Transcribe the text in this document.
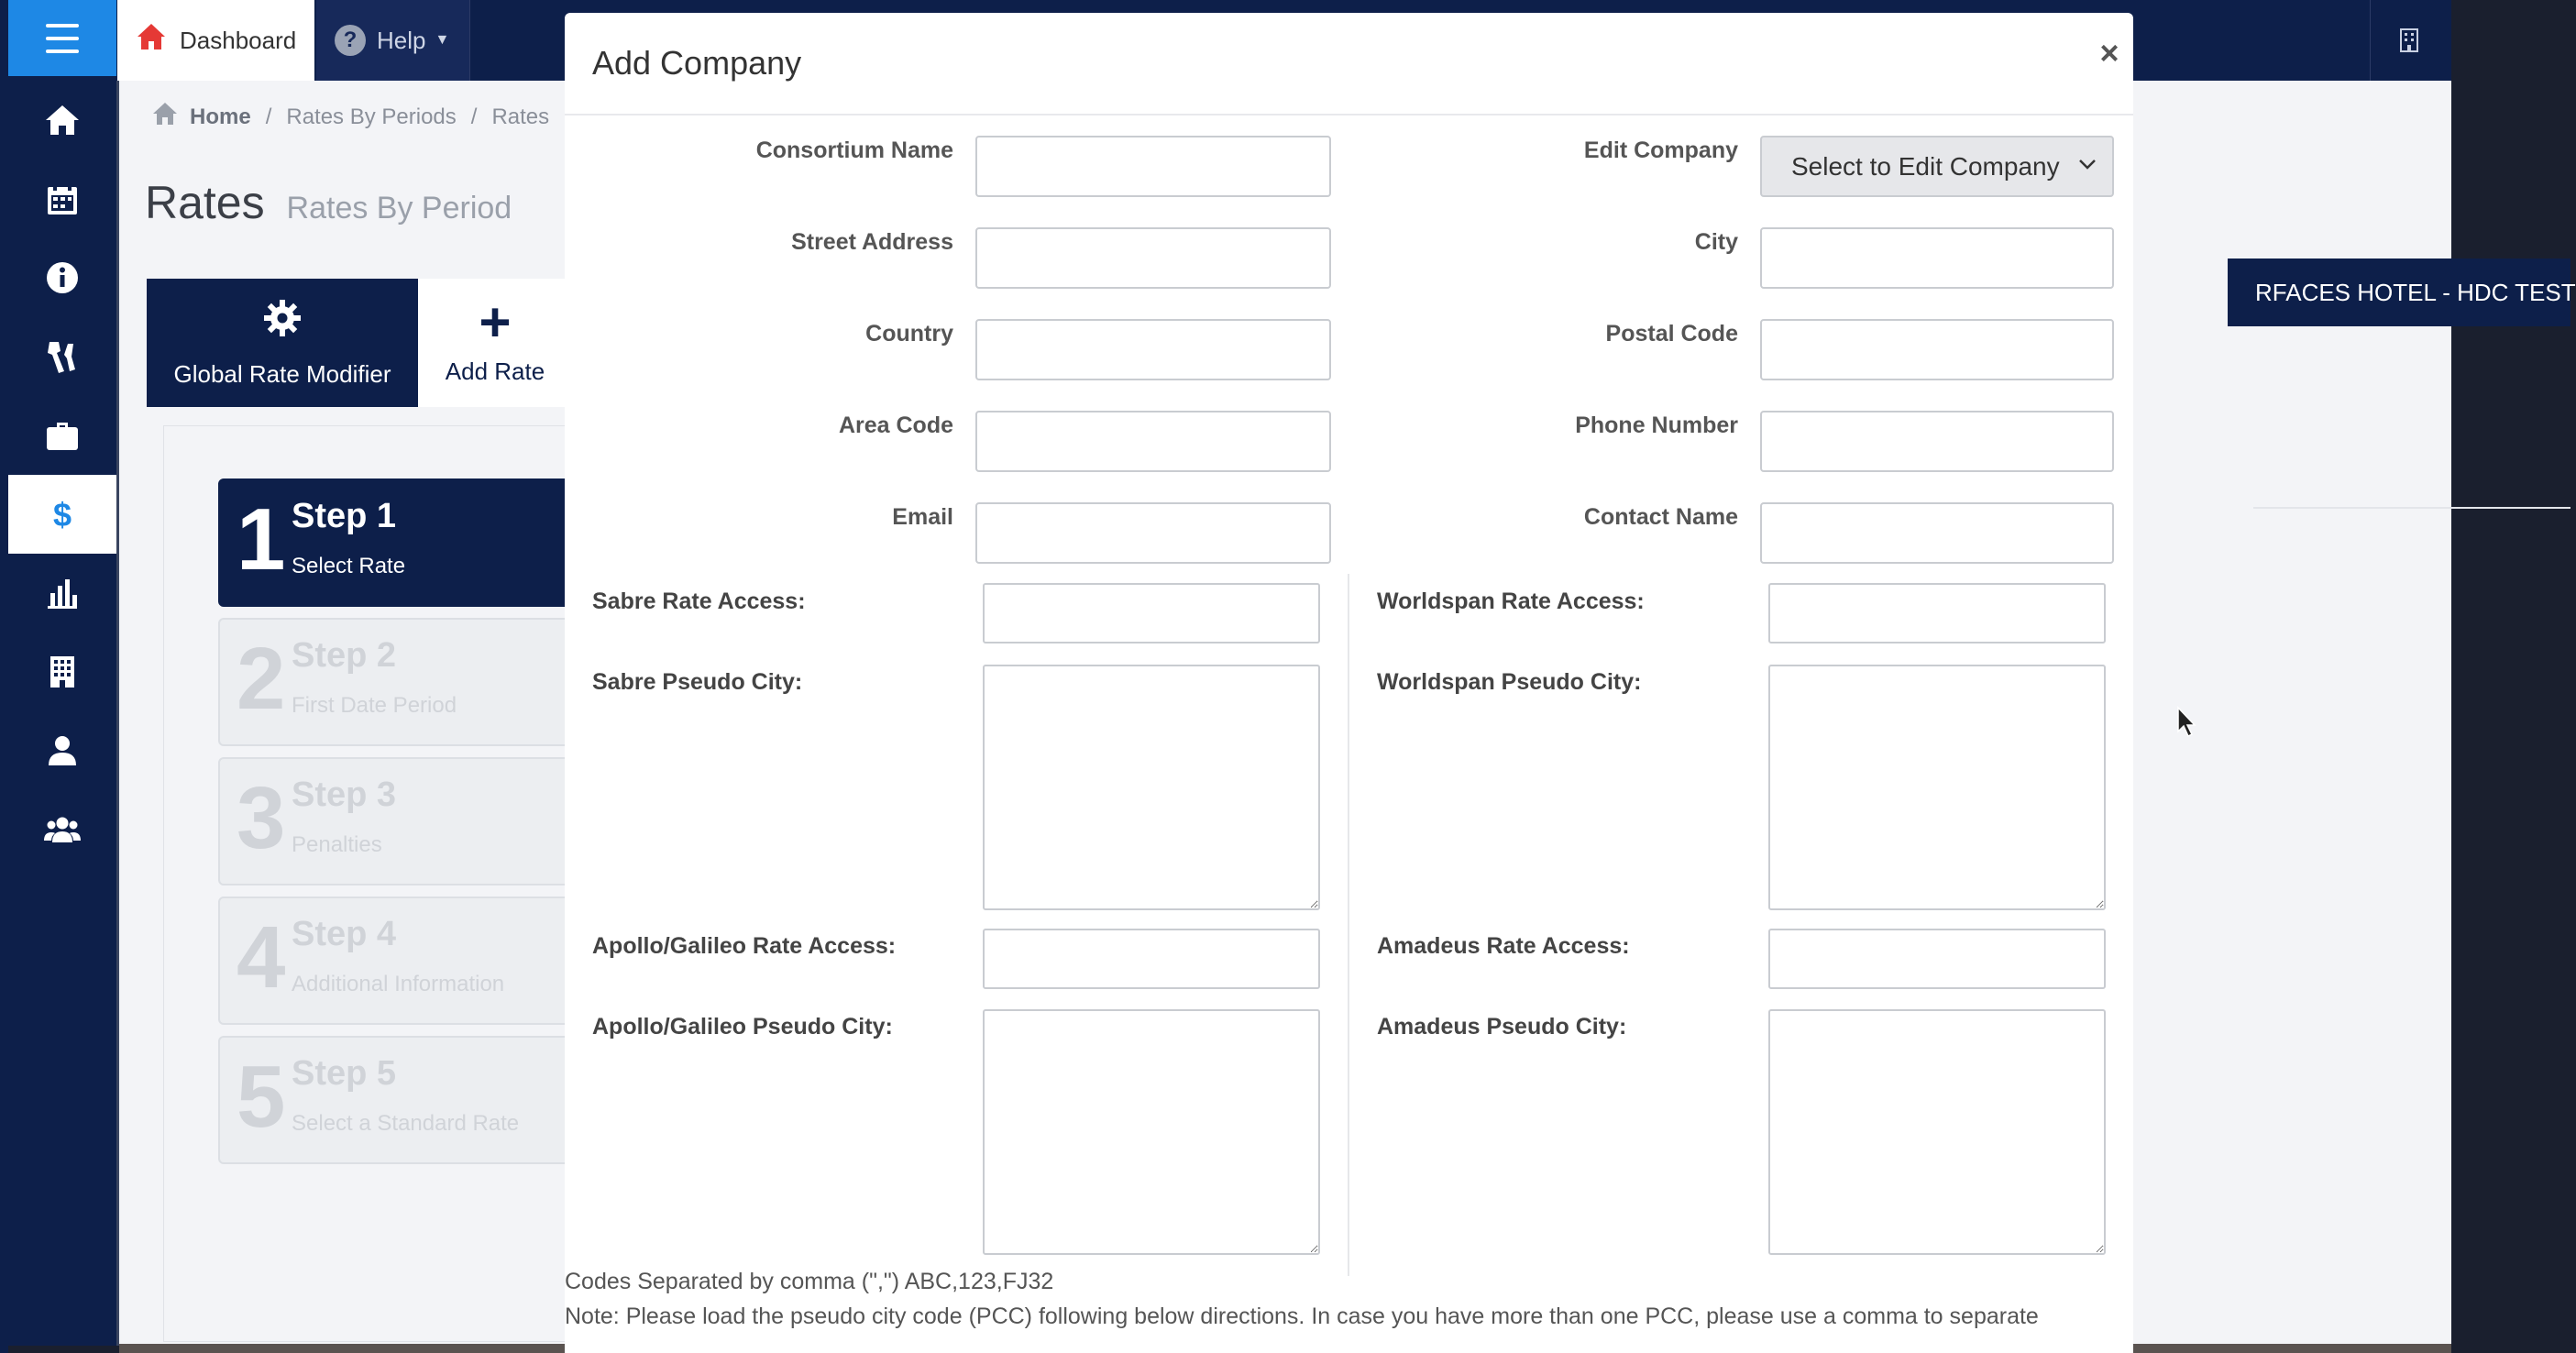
Dashboard	? Help ▼
$
Home / Rates By Periods / Rates
Rates Rates By Period
Global Rate Modifier
+
Add Rate
1 Step 1
Select Rate
2 Step 2
First Date Period
3 Step 3
Penalties
4 Step 4
Additional Information
5 Step 5
Select a Standard Rate
RFACES HOTEL - HDC TEST
Add Company	×
Consortium Name
Street Address
Country
Area Code
Email
Edit Company
Select to Edit Company
City
Postal Code
Phone Number
Contact Name
Sabre Rate Access:
Sabre Pseudo City:
Worldspan Rate Access:
Worldspan Pseudo City:
Apollo/Galileo Rate Access:
Apollo/Galileo Pseudo City:
Amadeus Rate Access:
Amadeus Pseudo City:
Codes Separated by comma (",") ABC,123,FJ32
Note: Please load the pseudo city code (PCC) following below directions. In case you have more than one PCC, please use a comma to separate
